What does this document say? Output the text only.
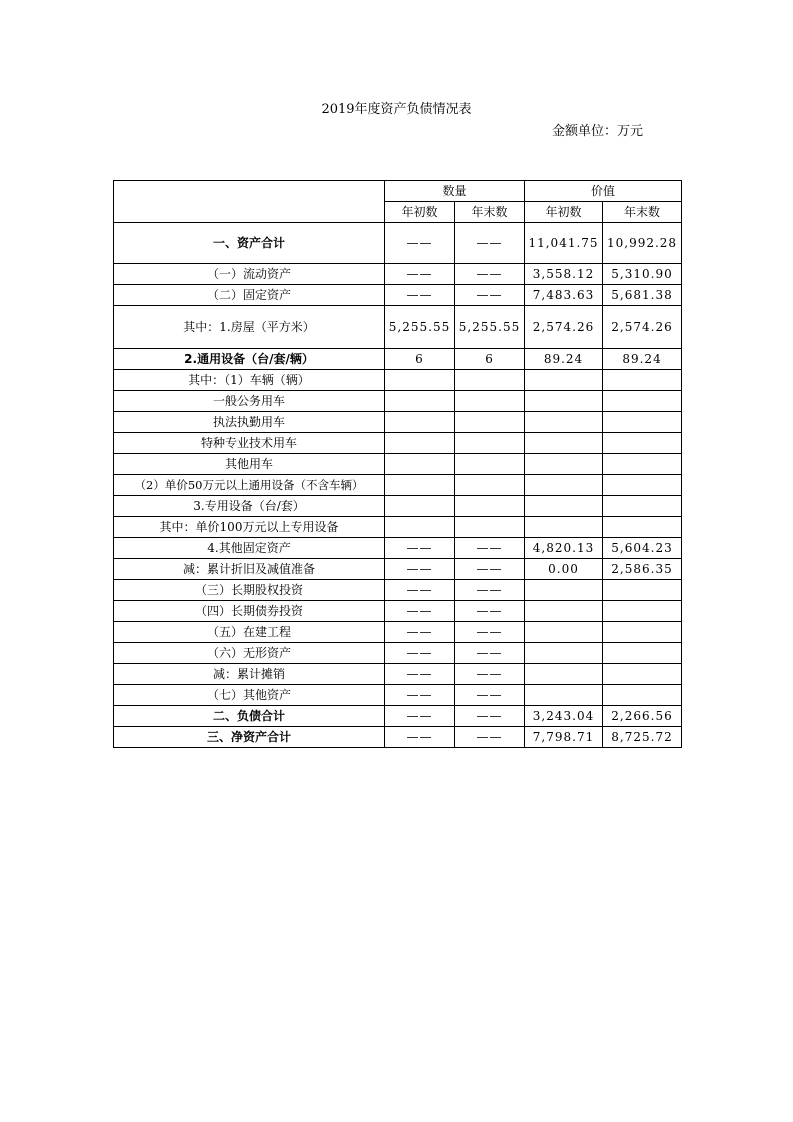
2019年度资产负债情况表
金额单位：万元
	数量		价值	
	年初数	年末数	年初数	年末数
一、资产合计	——	——	11,041.75	10,992.28
（一）流动资产	——	——	3,558.12	5,310.90
（二）固定资产	——	——	7,483.63	5,681.38
其中：1.房屋（平方米）	5,255.55	5,255.55	2,574.26	2,574.26
2.通用设备（台/套/辆）	6	6	89.24	89.24
其中：（1）车辆（辆）				
一般公务用车				
执法执勤用车				
特种专业技术用车				
其他用车				
（2）单价50万元以上通用设备（不含车辆）				
3.专用设备（台/套）				
其中：单价100万元以上专用设备				
4.其他固定资产	——	——	4,820.13	5,604.23
减：累计折旧及减值准备	——	——	0.00	2,586.35
（三）长期股权投资	——	——		
（四）长期债券投资	——	——		
（五）在建工程	——	——		
（六）无形资产	——	——		
减：累计摊销	——	——		
（七）其他资产	——	——		
二、负债合计	——	——	3,243.04	2,266.56
三、净资产合计	——	——	7,798.71	8,725.72
